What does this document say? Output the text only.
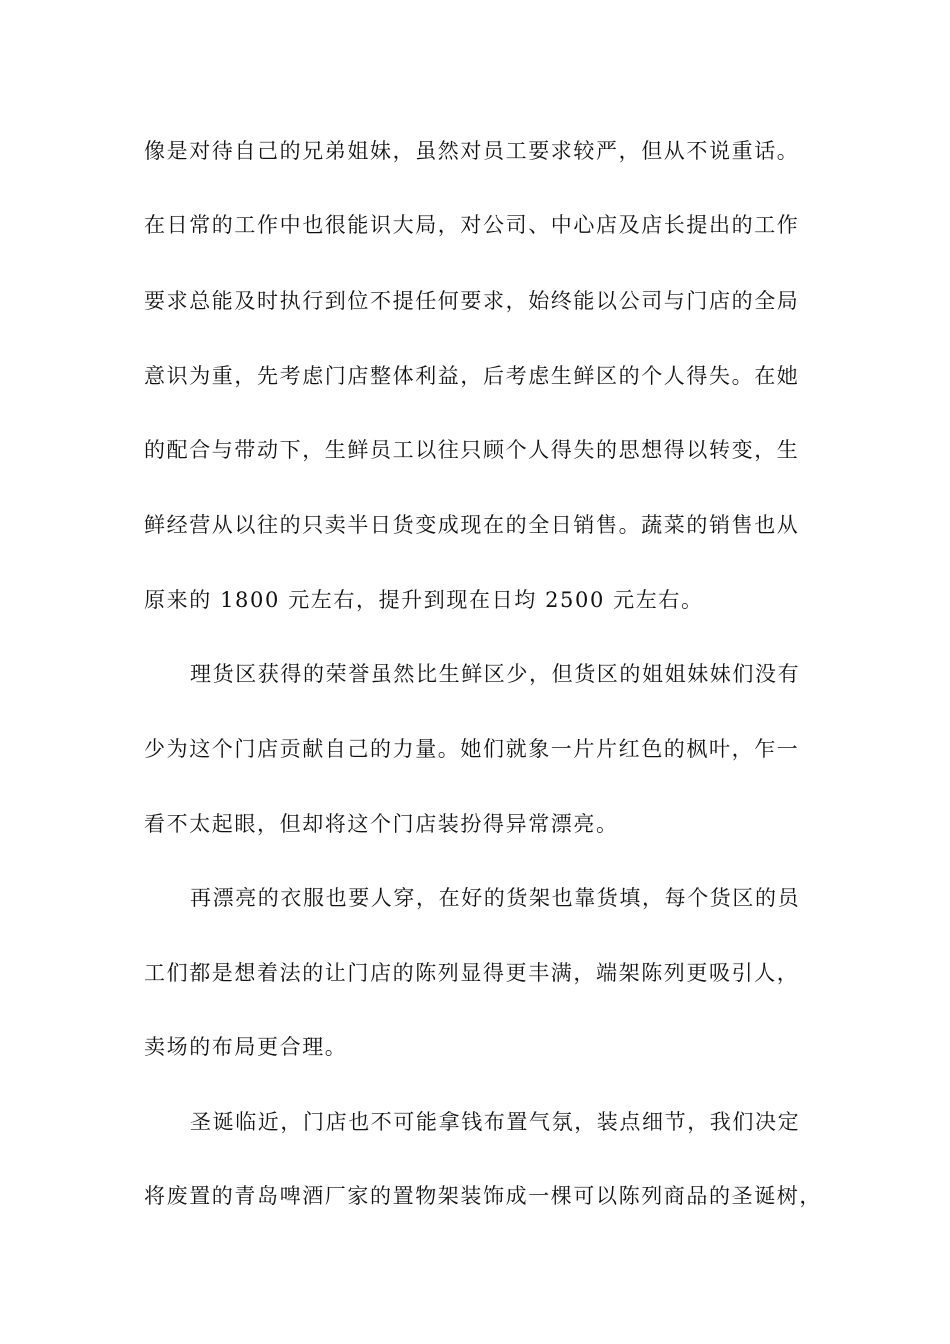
像是对待自己的兄弟姐妹，虽然对员工要求较严，但从不说重话。
在日常的工作中也很能识大局，对公司、中心店及店长提出的工作
要求总能及时执行到位不提任何要求，始终能以公司与门店的全局
意识为重，先考虑门店整体利益，后考虑生鲜区的个人得失。在她
的配合与带动下，生鲜员工以往只顾个人得失的思想得以转变，生
鲜经营从以往的只卖半日货变成现在的全日销售。蔬菜的销售也从
原来的 1800 元左右，提升到现在日均 2500 元左右。
理货区获得的荣誉虽然比生鲜区少，但货区的姐姐妹妹们没有
少为这个门店贡献自己的力量。她们就象一片片红色的枫叶，乍一
看不太起眼，但却将这个门店装扮得异常漂亮。
再漂亮的衣服也要人穿，在好的货架也靠货填，每个货区的员
工们都是想着法的让门店的陈列显得更丰满，端架陈列更吸引人，
卖场的布局更合理。
圣诞临近，门店也不可能拿钱布置气氛，装点细节，我们决定
将废置的青岛啤酒厂家的置物架装饰成一棵可以陈列商品的圣诞树，
